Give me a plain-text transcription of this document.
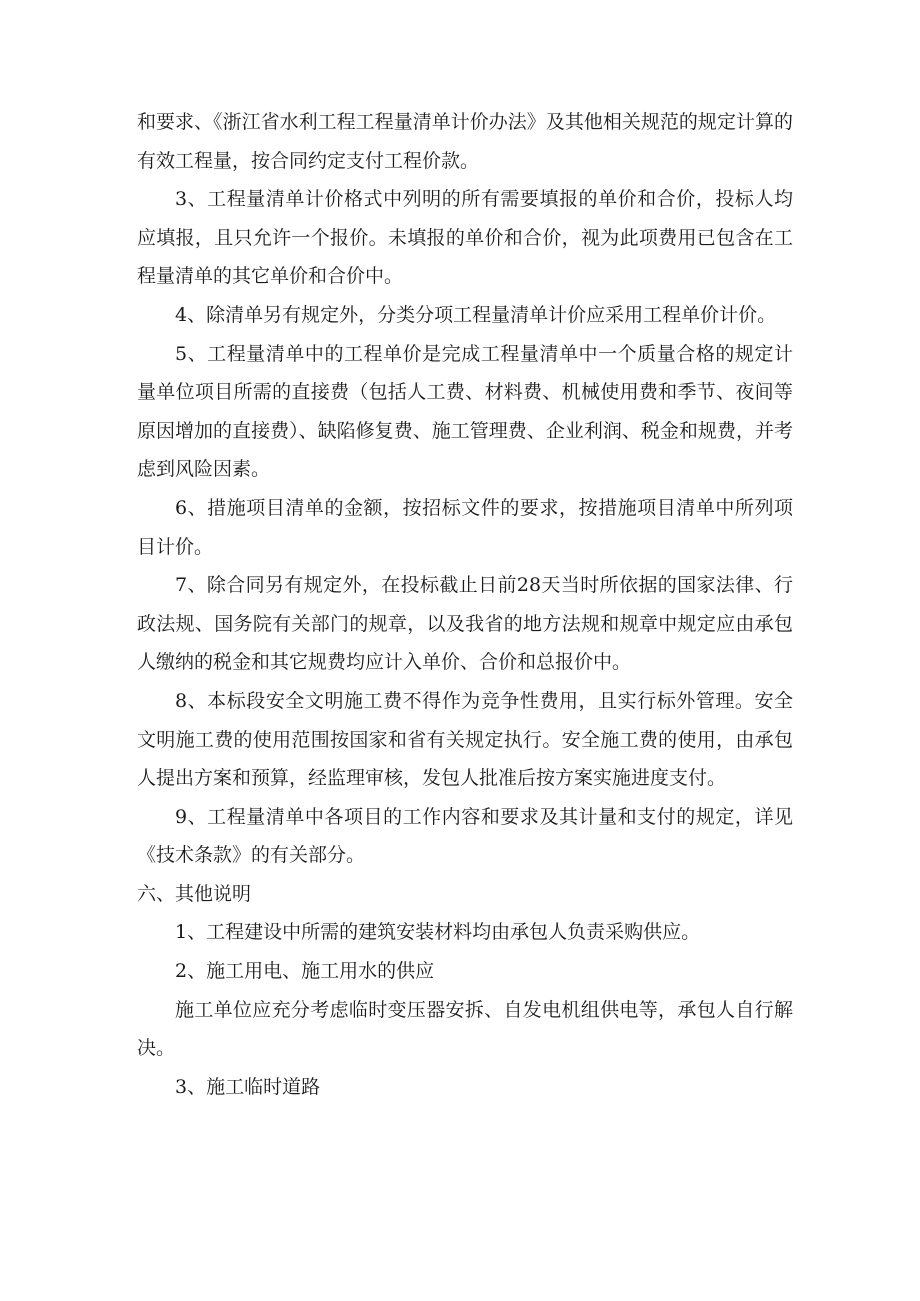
和要求、《浙江省水利工程工程量清单计价办法》及其他相关规范的规定计算的有效工程量，按合同约定支付工程价款。

3、工程量清单计价格式中列明的所有需要填报的单价和合价，投标人均应填报，且只允许一个报价。未填报的单价和合价，视为此项费用已包含在工程量清单的其它单价和合价中。

4、除清单另有规定外，分类分项工程量清单计价应采用工程单价计价。

5、工程量清单中的工程单价是完成工程量清单中一个质量合格的规定计量单位项目所需的直接费（包括人工费、材料费、机械使用费和季节、夜间等原因增加的直接费）、缺陷修复费、施工管理费、企业利润、税金和规费，并考虑到风险因素。

6、措施项目清单的金额，按招标文件的要求，按措施项目清单中所列项目计价。

7、除合同另有规定外，在投标截止日前28天当时所依据的国家法律、行政法规、国务院有关部门的规章，以及我省的地方法规和规章中规定应由承包人缴纳的税金和其它规费均应计入单价、合价和总报价中。

8、本标段安全文明施工费不得作为竞争性费用，且实行标外管理。安全文明施工费的使用范围按国家和省有关规定执行。安全施工费的使用，由承包人提出方案和预算，经监理审核，发包人批准后按方案实施进度支付。

9、工程量清单中各项目的工作内容和要求及其计量和支付的规定，详见《技术条款》的有关部分。

六、其他说明

1、工程建设中所需的建筑安装材料均由承包人负责采购供应。

2、施工用电、施工用水的供应

施工单位应充分考虑临时变压器安拆、自发电机组供电等，承包人自行解决。

3、施工临时道路
